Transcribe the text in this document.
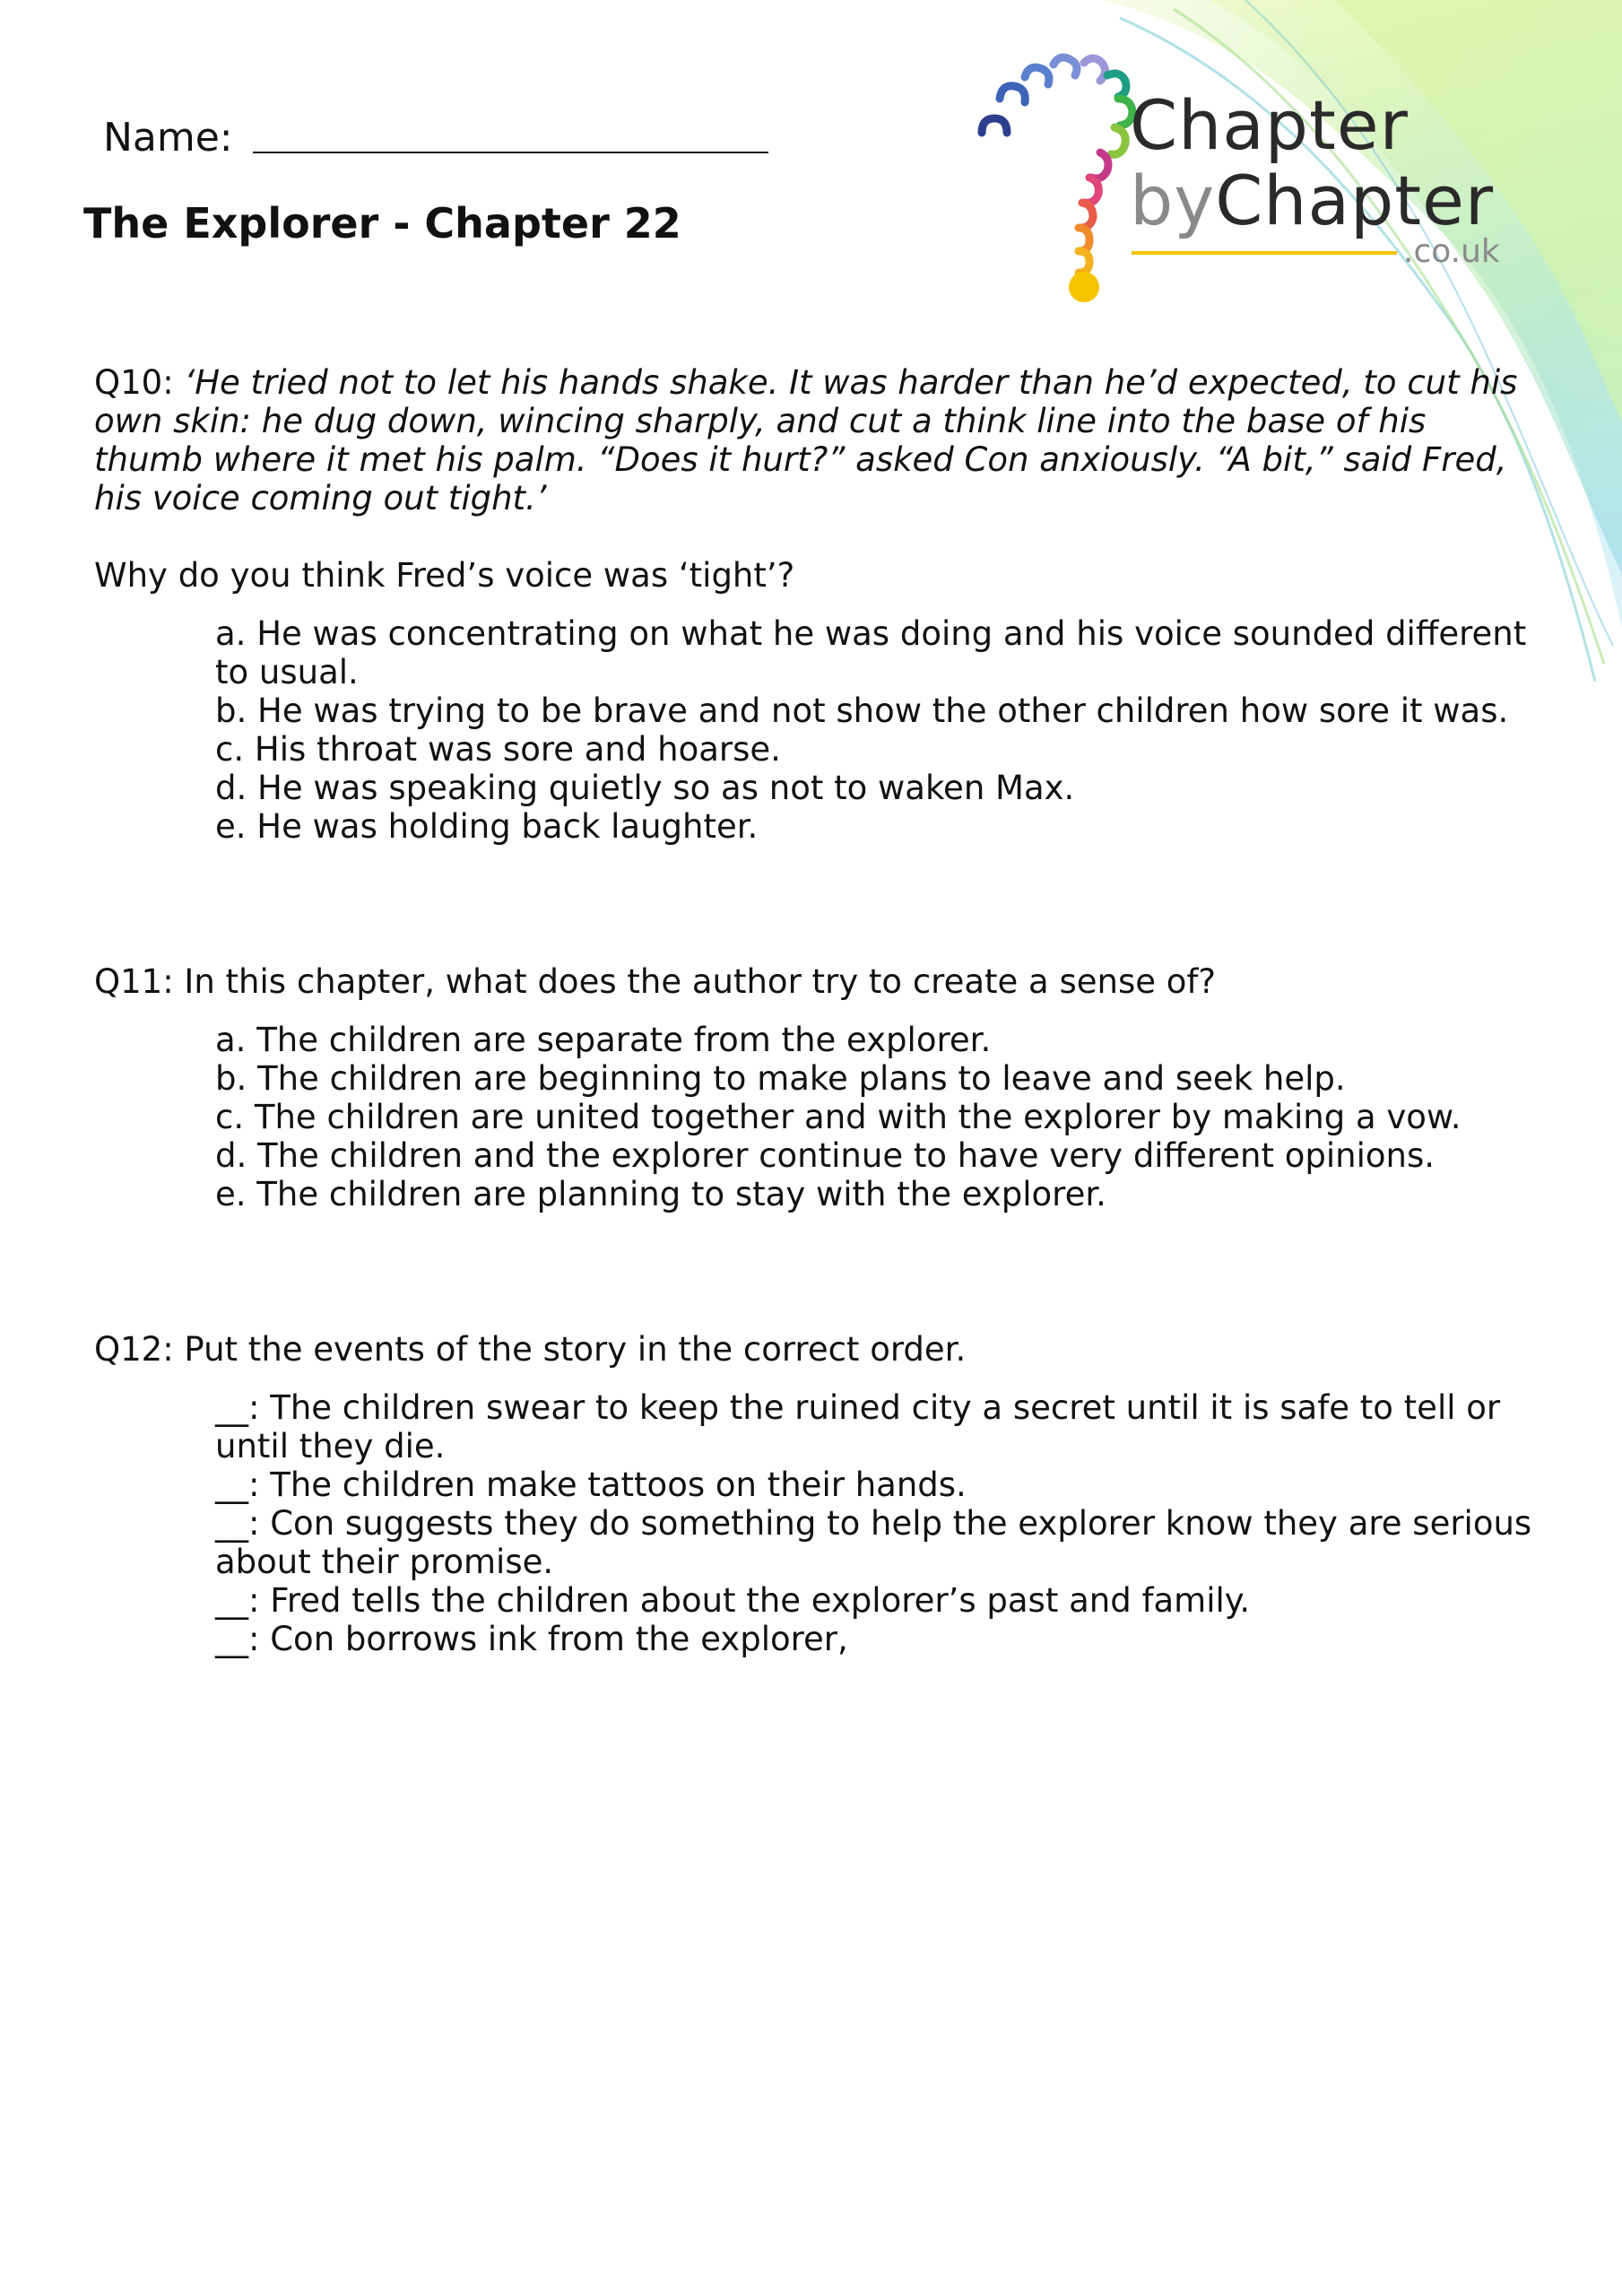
Chapter
byChapter
.co.uk
Name:
The Explorer - Chapter 22

Q10: ‘He tried not to let his hands shake. It was harder than he’d expected, to cut his own skin: he dug down, wincing sharply, and cut a think line into the base of his thumb where it met his palm. “Does it hurt?” asked Con anxiously. “A bit,” said Fred, his voice coming out tight.’

Why do you think Fred’s voice was ‘tight’?

a. He was concentrating on what he was doing and his voice sounded different to usual.

b. He was trying to be brave and not show the other children how sore it was.

c. His throat was sore and hoarse.

d. He was speaking quietly so as not to waken Max.

e. He was holding back laughter.

Q11: In this chapter, what does the author try to create a sense of?

a. The children are separate from the explorer.

b. The children are beginning to make plans to leave and seek help.

c. The children are united together and with the explorer by making a vow.

d. The children and the explorer continue to have very different opinions.

e. The children are planning to stay with the explorer.

Q12: Put the events of the story in the correct order.

__: The children swear to keep the ruined city a secret until it is safe to tell or until they die.

__: The children make tattoos on their hands.

__: Con suggests they do something to help the explorer know they are serious about their promise.

__: Fred tells the children about the explorer’s past and family.

__: Con borrows ink from the explorer,
